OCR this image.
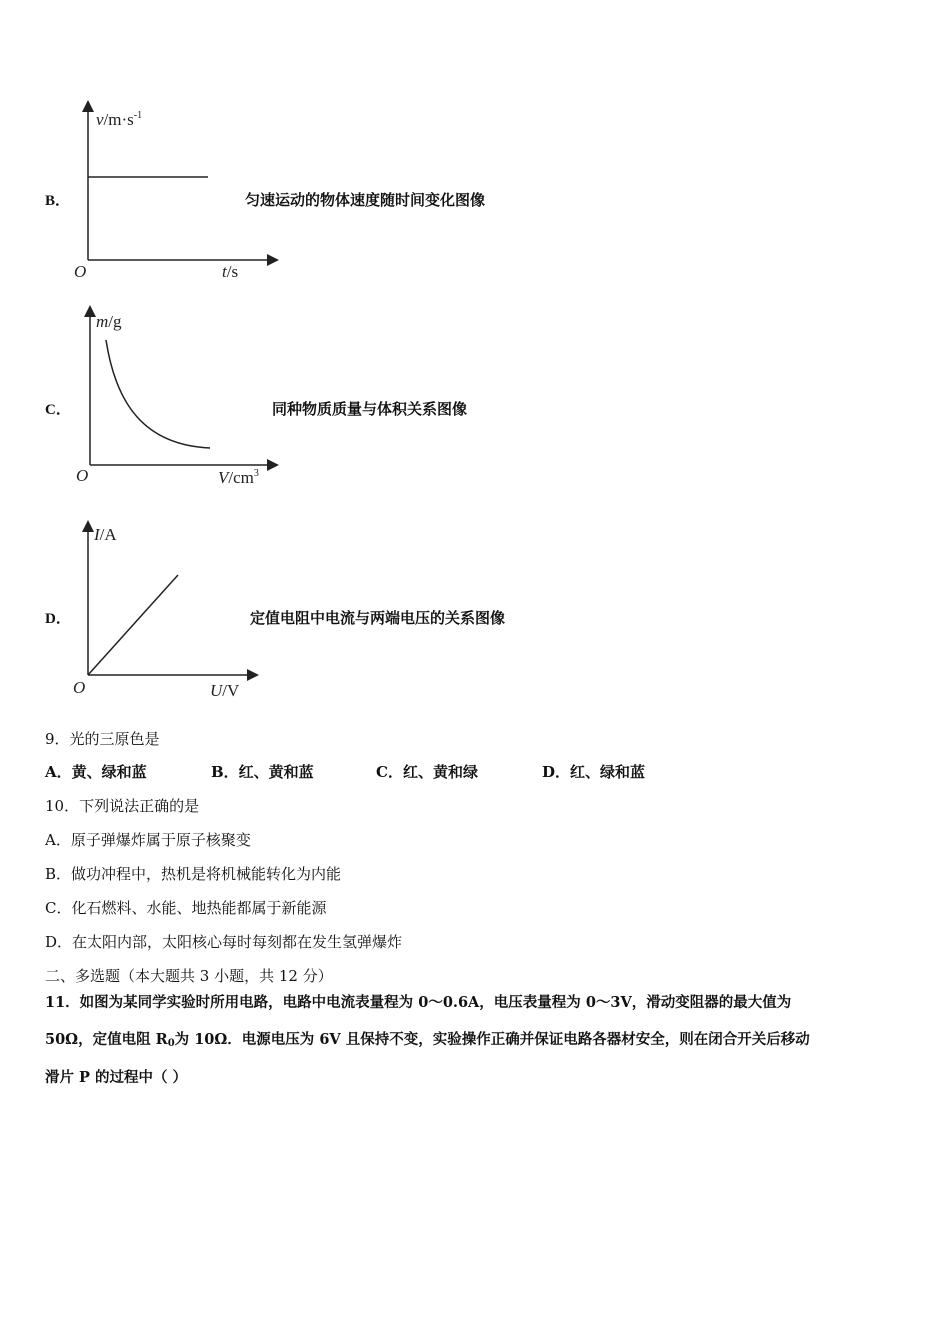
B．
$v/m\cdot s^{-1}$
O	t/s
匀速运动的物体速度随时间变化图像
C．
m/g
O	$V/cm^3$
同种物质质量与体积关系图像
D．
I/A
O	U/V
定值电阻中电流与两端电压的关系图像
9．光的三原色是
A．黄、绿和蓝	B．红、黄和蓝	C．红、黄和绿	D．红、绿和蓝
10．下列说法正确的是
A．原子弹爆炸属于原子核聚变
B．做功冲程中，热机是将机械能转化为内能
C．化石燃料、水能、地热能都属于新能源
D．在太阳内部，太阳核心每时每刻都在发生氢弹爆炸
二、多选题（本大题共 3 小题，共 12 分）
11．如图为某同学实验时所用电路，电路中电流表量程为 0～0.6A，电压表量程为 0～3V，滑动变阻器的最大值为
50Ω，定值电阻 $R_0$为 10Ω．电源电压为 6V 且保持不变，实验操作正确并保证电路各器材安全，则在闭合开关后移动
滑片 P 的过程中（ ）
